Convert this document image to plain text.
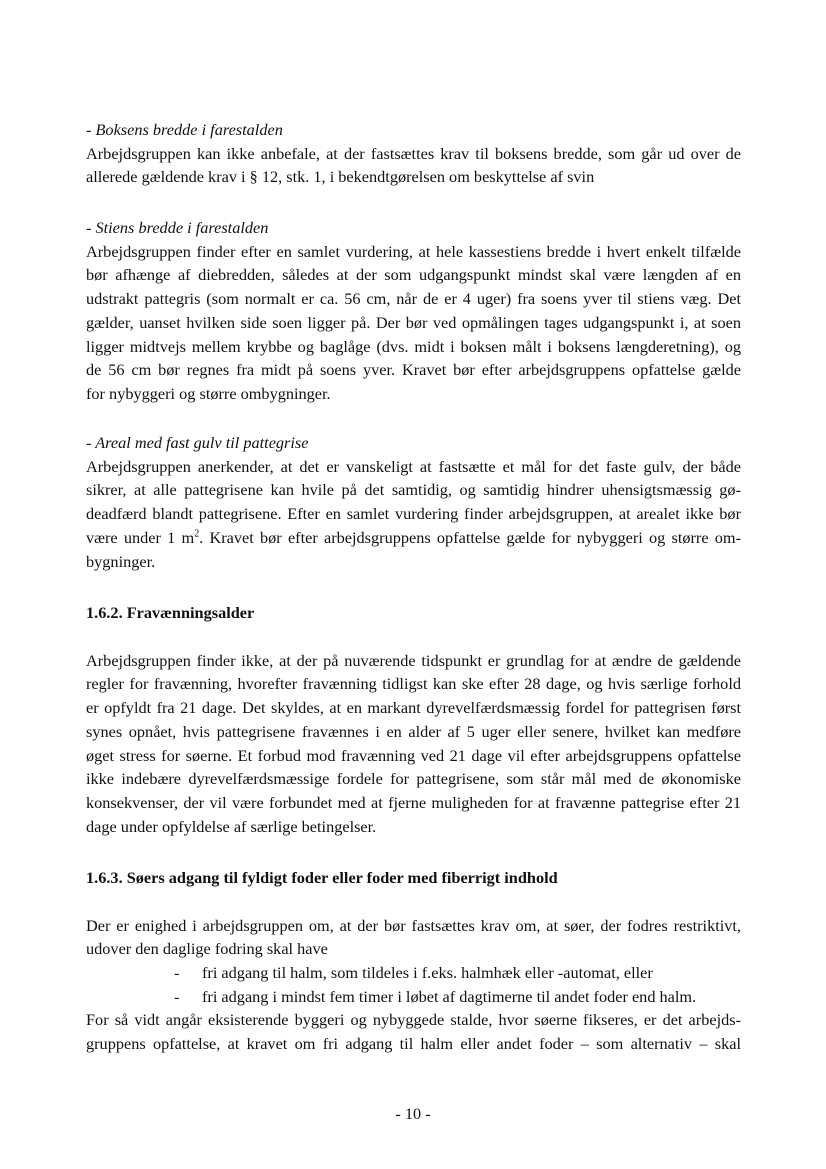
- Boksens bredde i farestalden
Arbejdsgruppen kan ikke anbefale, at der fastsættes krav til boksens bredde, som går ud over de
allerede gældende krav i § 12, stk. 1, i bekendtgørelsen om beskyttelse af svin
- Stiens bredde i farestalden
Arbejdsgruppen finder efter en samlet vurdering, at hele kassestiens bredde i hvert enkelt tilfælde
bør afhænge af diebredden, således at der som udgangspunkt mindst skal være længden af en
udstrakt pattegris (som normalt er ca. 56 cm, når de er 4 uger) fra soens yver til stiens væg. Det
gælder, uanset hvilken side soen ligger på. Der bør ved opmålingen tages udgangspunkt i, at soen
ligger midtvejs mellem krybbe og baglåge (dvs. midt i boksen målt i boksens længderetning), og
de 56 cm bør regnes fra midt på soens yver. Kravet bør efter arbejdsgruppens opfattelse gælde
for nybyggeri og større ombygninger.
- Areal med fast gulv til pattegrise
Arbejdsgruppen anerkender, at det er vanskeligt at fastsætte et mål for det faste gulv, der både
sikrer, at alle pattegrisene kan hvile på det samtidig, og samtidig hindrer uhensigtsmæssig gø-
deadfærd blandt pattegrisene. Efter en samlet vurdering finder arbejdsgruppen, at arealet ikke bør
være under 1 $m^2$. Kravet bør efter arbejdsgruppens opfattelse gælde for nybyggeri og større om-
bygninger.
1.6.2. Fravænningsalder
Arbejdsgruppen finder ikke, at der på nuværende tidspunkt er grundlag for at ændre de gældende
regler for fravænning, hvorefter fravænning tidligst kan ske efter 28 dage, og hvis særlige forhold
er opfyldt fra 21 dage. Det skyldes, at en markant dyrevelfærdsmæssig fordel for pattegrisen først
synes opnået, hvis pattegrisene fravænnes i en alder af 5 uger eller senere, hvilket kan medføre
øget stress for søerne. Et forbud mod fravænning ved 21 dage vil efter arbejdsgruppens opfattelse
ikke indebære dyrevelfærdsmæssige fordele for pattegrisene, som står mål med de økonomiske
konsekvenser, der vil være forbundet med at fjerne muligheden for at fravænne pattegrise efter 21
dage under opfyldelse af særlige betingelser.
1.6.3. Søers adgang til fyldigt foder eller foder med fiberrigt indhold
Der er enighed i arbejdsgruppen om, at der bør fastsættes krav om, at søer, der fodres restriktivt,
udover den daglige fodring skal have
- fri adgang til halm, som tildeles i f.eks. halmhæk eller -automat, eller
- fri adgang i mindst fem timer i løbet af dagtimerne til andet foder end halm.
For så vidt angår eksisterende byggeri og nybyggede stalde, hvor søerne fikseres, er det arbejds-
gruppens opfattelse, at kravet om fri adgang til halm eller andet foder – som alternativ – skal
- 10 -
